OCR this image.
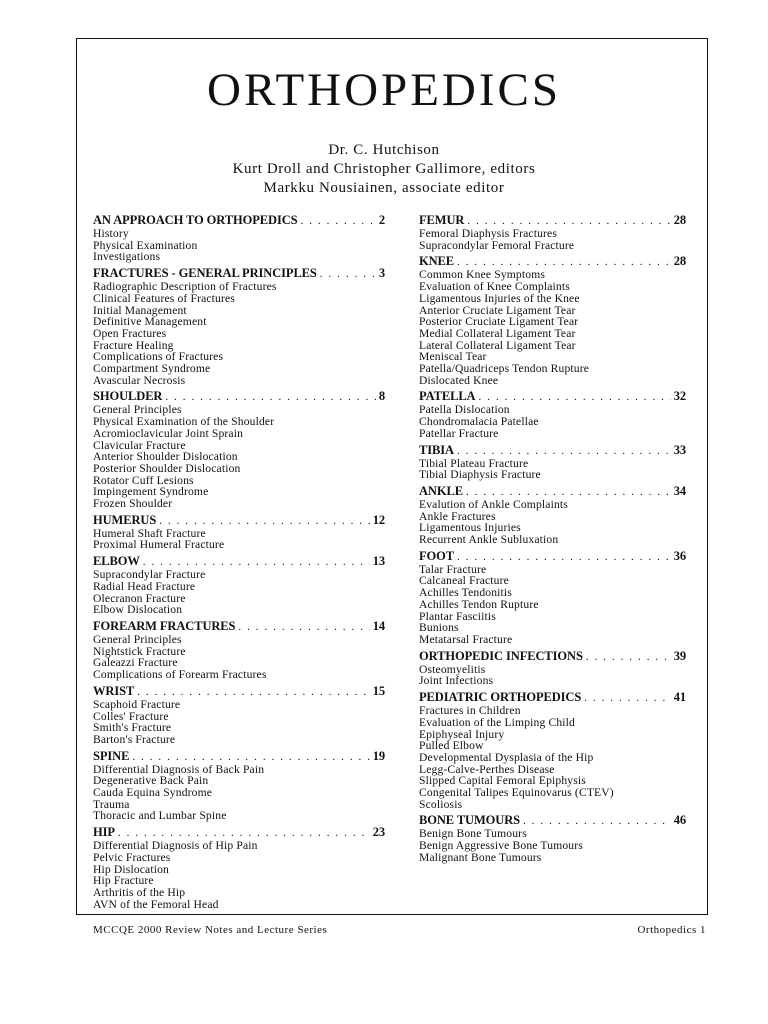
ORTHOPEDICS
Dr. C. Hutchison
Kurt Droll and Christopher Gallimore, editors
Markku Nousiainen, associate editor
AN APPROACH TO ORTHOPEDICS . . .	2
History
Physical Examination
Investigations
FRACTURES - GENERAL PRINCIPLES . . .	3
Radiographic Description of Fractures
Clinical Features of Fractures
Initial Management
Definitive Management
Open Fractures
Fracture Healing
Complications of Fractures
Compartment Syndrome
Avascular Necrosis
SHOULDER . . .	8
General Principles
Physical Examination of the Shoulder
Acromioclavicular Joint Sprain
Clavicular Fracture
Anterior Shoulder Dislocation
Posterior Shoulder Dislocation
Rotator Cuff Lesions
Impingement Syndrome
Frozen Shoulder
HUMERUS . . .	12
Humeral Shaft Fracture
Proximal Humeral Fracture
ELBOW . . .	13
Supracondylar Fracture
Radial Head Fracture
Olecranon Fracture
Elbow Dislocation
FOREARM FRACTURES . . .	14
General Principles
Nightstick Fracture
Galeazzi Fracture
Complications of Forearm Fractures
WRIST . . .	15
Scaphoid Fracture
Colles' Fracture
Smith's Fracture
Barton's Fracture
SPINE . . .	19
Differential Diagnosis of Back Pain
Degenerative Back Pain
Cauda Equina Syndrome
Trauma
Thoracic and Lumbar Spine
HIP . . .	23
Differential Diagnosis of Hip Pain
Pelvic Fractures
Hip Dislocation
Hip Fracture
Arthritis of the Hip
AVN of the Femoral Head
FEMUR . . .	28
Femoral Diaphysis Fractures
Supracondylar Femoral Fracture
KNEE . . .	28
Common Knee Symptoms
Evaluation of Knee Complaints
Ligamentous Injuries of the Knee
Anterior Cruciate Ligament Tear
Posterior Cruciate Ligament Tear
Medial Collateral Ligament Tear
Lateral Collateral Ligament Tear
Meniscal Tear
Patella/Quadriceps Tendon Rupture
Dislocated Knee
PATELLA . . .	32
Patella Dislocation
Chondromalacia Patellae
Patellar Fracture
TIBIA . . .	33
Tibial Plateau Fracture
Tibial Diaphysis Fracture
ANKLE . . .	34
Evalution of Ankle Complaints
Ankle Fractures
Ligamentous Injuries
Recurrent Ankle Subluxation
FOOT . . .	36
Talar Fracture
Calcaneal Fracture
Achilles Tendonitis
Achilles Tendon Rupture
Plantar Fasciitis
Bunions
Metatarsal Fracture
ORTHOPEDIC INFECTIONS . . .	39
Osteomyelitis
Joint Infections
PEDIATRIC ORTHOPEDICS . . .	41
Fractures in Children
Evaluation of the Limping Child
Epiphyseal Injury
Pulled Elbow
Developmental Dysplasia of the Hip
Legg-Calve-Perthes Disease
Slipped Capital Femoral Epiphysis
Congenital Talipes Equinovarus (CTEV)
Scoliosis
BONE TUMOURS . . .	46
Benign Bone Tumours
Benign Aggressive Bone Tumours
Malignant Bone Tumours
MCCQE 2000 Review Notes and Lecture Series	Orthopedics 1
